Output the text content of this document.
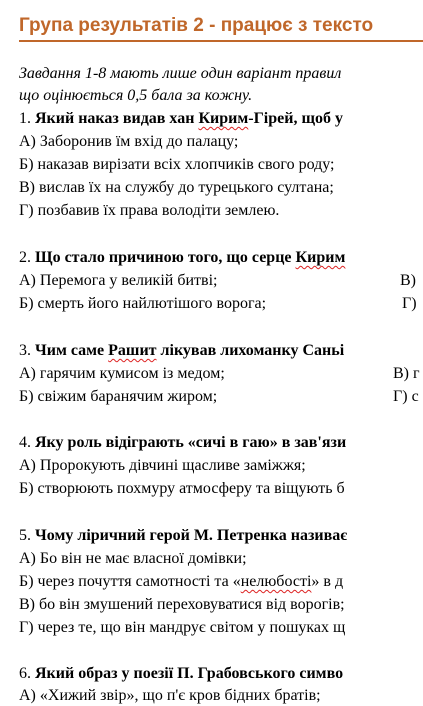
Група результатів 2 - працює з тексто
Завдання 1-8 мають лише один варіант правил
що оцінюється 0,5 бала за кожну.
1. Який наказ видав хан Кирим-Гірей, щоб у
А) Заборонив їм вхід до палацу;
Б) наказав вирізати всіх хлопчиків свого роду;
В) вислав їх на службу до турецького султана;
Г) позбавив їх права володіти землею.
2. Що стало причиною того, що серце Кирим
А) Перемога у великій битві;	В)
Б) смерть його найлютішого ворога;	Г)
3. Чим саме Рашит лікував лихоманку Саньі
А) гарячим кумисом із медом;	В) г
Б) свіжим баранячим жиром;	Г) с
4. Яку роль відіграють «сичі в гаю» в зав'язи
А) Пророкують дівчині щасливе заміжжя;
Б) створюють похмуру атмосферу та віщують б
5. Чому ліричний герой М. Петренка називає
А) Бо він не має власної домівки;
Б) через почуття самотності та «нелюбості» в д
В) бо він змушений переховуватися від ворогів;
Г) через те, що він мандрує світом у пошуках щ
6. Який образ у поезії П. Грабовського симво
А) «Хижий звір», що п'є кров бідних братів;
